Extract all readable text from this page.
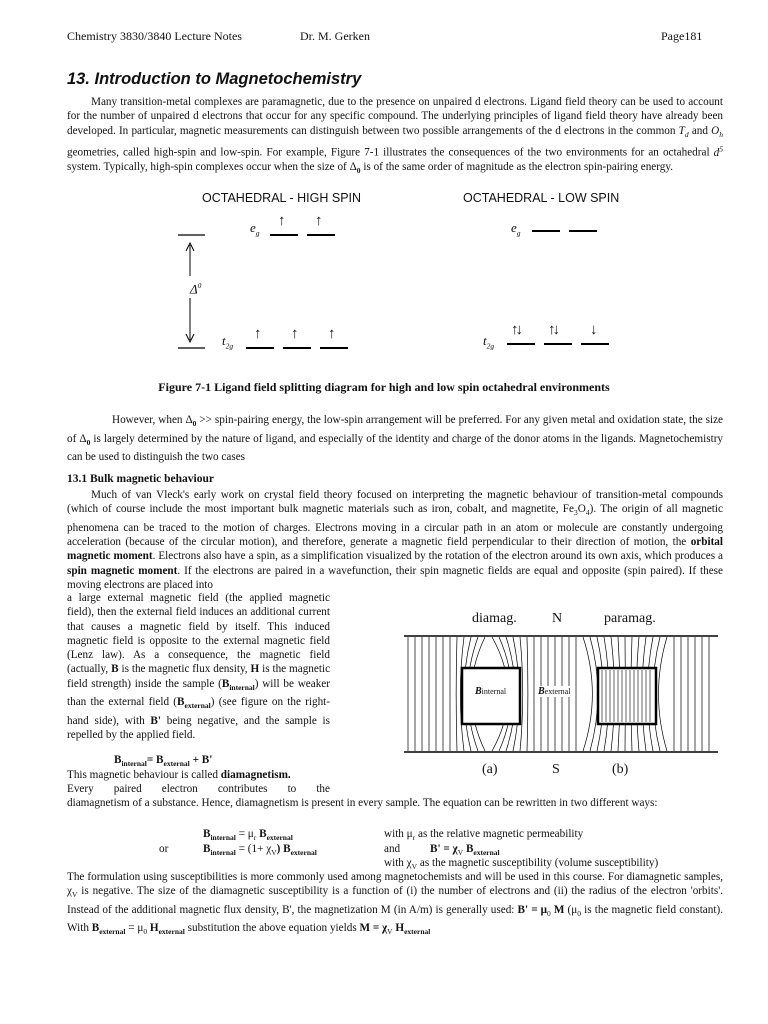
Chemistry 3830/3840 Lecture Notes	Dr. M. Gerken	Page181
13. Introduction to Magnetochemistry
Many transition-metal complexes are paramagnetic, due to the presence on unpaired d electrons. Ligand field theory can be used to account for the number of unpaired d electrons that occur for any specific compound. The underlying principles of ligand field theory have already been developed. In particular, magnetic measurements can distinguish between two possible arrangements of the d electrons in the common $T_d$ and $O_h$ geometries, called high-spin and low-spin. For example, Figure 7-1 illustrates the consequences of the two environments for an octahedral $d^5$ system. Typically, high-spin complexes occur when the size of $\Delta_0$ is of the same order of magnitude as the electron spin-pairing energy.
OCTAHEDRAL - HIGH SPIN	OCTAHEDRAL - LOW SPIN
$e_g$	$e_g$
$t_{2g}$	$t_{2g}$
$\Delta^0$
↑ ↑
↑ ↑ ↑	↑↓ ↑↓ ↓
Figure 7-1 Ligand field splitting diagram for high and low spin octahedral environments
However, when $\Delta_0$ >> spin-pairing energy, the low-spin arrangement will be preferred. For any given metal and oxidation state, the size of $\Delta_0$ is largely determined by the nature of ligand, and especially of the identity and charge of the donor atoms in the ligands. Magnetochemistry can be used to distinguish the two cases
13.1 Bulk magnetic behaviour
Much of van Vleck's early work on crystal field theory focused on interpreting the magnetic behaviour of transition-metal compounds (which of course include the most important bulk magnetic materials such as iron, cobalt, and magnetite, $Fe_3O_4$). The origin of all magnetic phenomena can be traced to the motion of charges. Electrons moving in a circular path in an atom or molecule are constantly undergoing acceleration (because of the circular motion), and therefore, generate a magnetic field perpendicular to their direction of motion, the orbital magnetic moment. Electrons also have a spin, as a simplification visualized by the rotation of the electron around its own axis, which produces a spin magnetic moment. If the electrons are paired in a wavefunction, their spin magnetic fields are equal and opposite (spin paired). If these moving electrons are placed into
a large external magnetic field (the applied magnetic field), then the external field induces an additional current that causes a magnetic field by itself. This induced magnetic field is opposite to the external magnetic field (Lenz law). As a consequence, the magnetic field (actually, B is the magnetic flux density, H is the magnetic field strength) inside the sample $(B_{internal})$ will be weaker than the external field $(B_{external})$ (see figure on the right-hand side), with B' being negative, and the sample is repelled by the applied field.
$B_{internal}= B_{external} + B'$
This magnetic behaviour is called diamagnetism.
Every paired electron contributes to the
diamagnetism of a substance. Hence, diamagnetism is present in every sample. The equation can be rewritten in two different ways:
$B_{internal} = \mu_r$ $B_{external}$	with $\mu_r$ as the relative magnetic permeability
or	$B_{internal} = (1+ \chi_V)$ $B_{external}$	and	$B' = \chi_V$ $B_{external}$
with $\chi_V$ as the magnetic susceptibility (volume susceptibility)
The formulation using susceptibilities is more commonly used among magnetochemists and will be used in this course. For diamagnetic samples, $\chi_V$ is negative. The size of the diamagnetic susceptibility is a function of (i) the number of electrons and (ii) the radius of the electron 'orbits'. Instead of the additional magnetic flux density, B', the magnetization M (in A/m) is generally used: $B' = \mu_0$ M ($\mu_0$ is the magnetic field constant). With $B_{external} = \mu_0$ $H_{external}$ substitution the above equation yields $M = \chi_V$ $H_{external}$
diamag.	N	paramag.
S
(a)	(b)
Binternal	Bexternal
